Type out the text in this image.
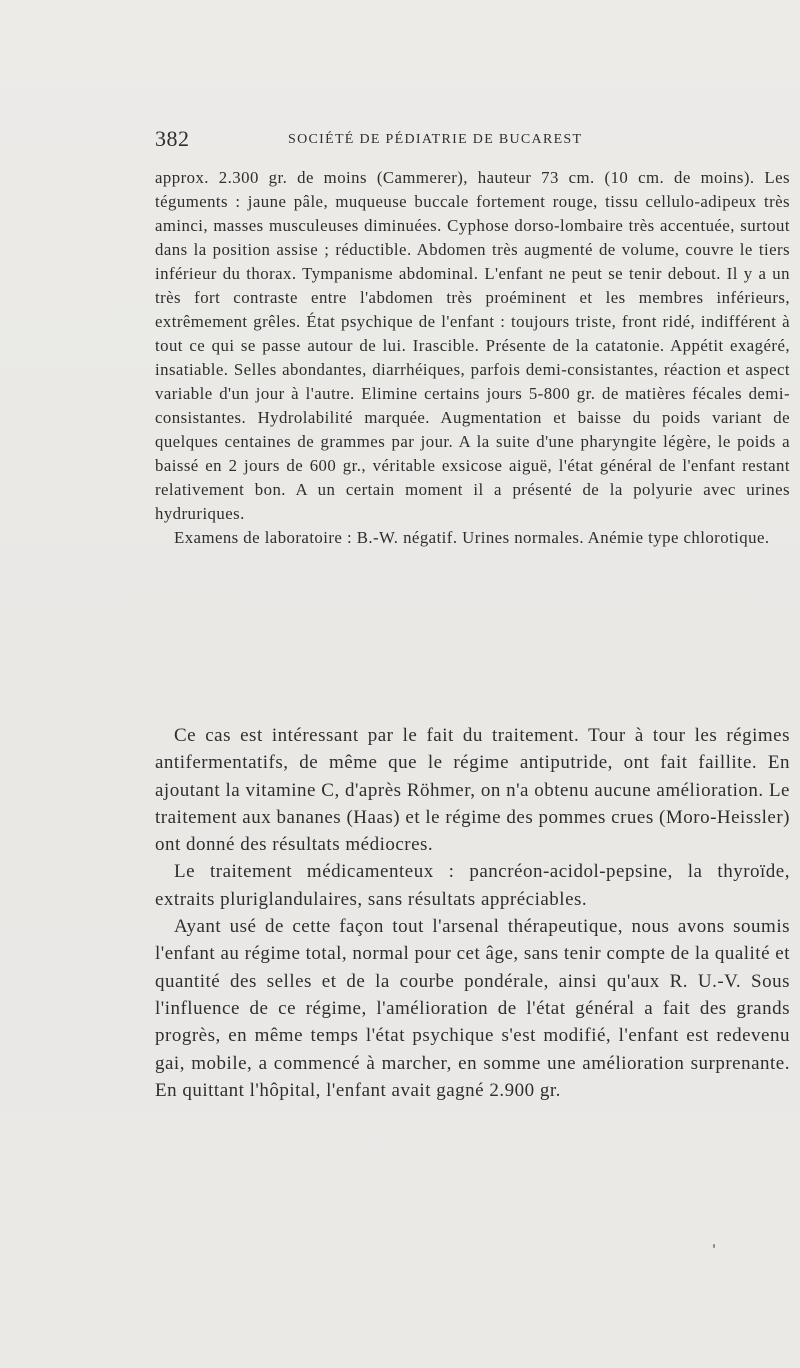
382	SOCIÉTÉ DE PÉDIATRIE DE BUCAREST

approx. 2.300 gr. de moins (Cammerer), hauteur 73 cm. (10 cm. de moins). Les téguments : jaune pâle, muqueuse buccale fortement rouge, tissu cellulo-adipeux très aminci, masses musculeuses diminuées. Cyphose dorso-lombaire très accentuée, surtout dans la position assise ; réductible. Abdomen très augmenté de volume, couvre le tiers inférieur du thorax. Tympanisme abdominal. L'enfant ne peut se tenir debout. Il y a un très fort contraste entre l'abdomen très proéminent et les membres inférieurs, extrêmement grêles. État psychique de l'enfant : toujours triste, front ridé, indifférent à tout ce qui se passe autour de lui. Irascible. Présente de la catatonie. Appétit exagéré, insatiable. Selles abondantes, diarrhéiques, parfois demi-consistantes, réaction et aspect variable d'un jour à l'autre. Elimine certains jours 5-800 gr. de matières fécales demi-consistantes. Hydrolabilité marquée. Augmentation et baisse du poids variant de quelques centaines de grammes par jour. A la suite d'une pharyngite légère, le poids a baissé en 2 jours de 600 gr., véritable exsicose aiguë, l'état général de l'enfant restant relativement bon. A un certain moment il a présenté de la polyurie avec urines hydruriques.

Examens de laboratoire : B.-W. négatif. Urines normales. Anémie type chlorotique.

Ce cas est intéressant par le fait du traitement. Tour à tour les régimes antifermentatifs, de même que le régime antiputride, ont fait faillite. En ajoutant la vitamine C, d'après Röhmer, on n'a obtenu aucune amélioration. Le traitement aux bananes (Haas) et le régime des pommes crues (Moro-Heissler) ont donné des résultats médiocres.

Le traitement médicamenteux : pancréon-acidol-pepsine, la thyroïde, extraits pluriglandulaires, sans résultats appréciables.

Ayant usé de cette façon tout l'arsenal thérapeutique, nous avons soumis l'enfant au régime total, normal pour cet âge, sans tenir compte de la qualité et quantité des selles et de la courbe pondérale, ainsi qu'aux R. U.-V. Sous l'influence de ce régime, l'amélioration de l'état général a fait des grands progrès, en même temps l'état psychique s'est modifié, l'enfant est redevenu gai, mobile, a commencé à marcher, en somme une amélioration surprenante. En quittant l'hôpital, l'enfant avait gagné 2.900 gr.
